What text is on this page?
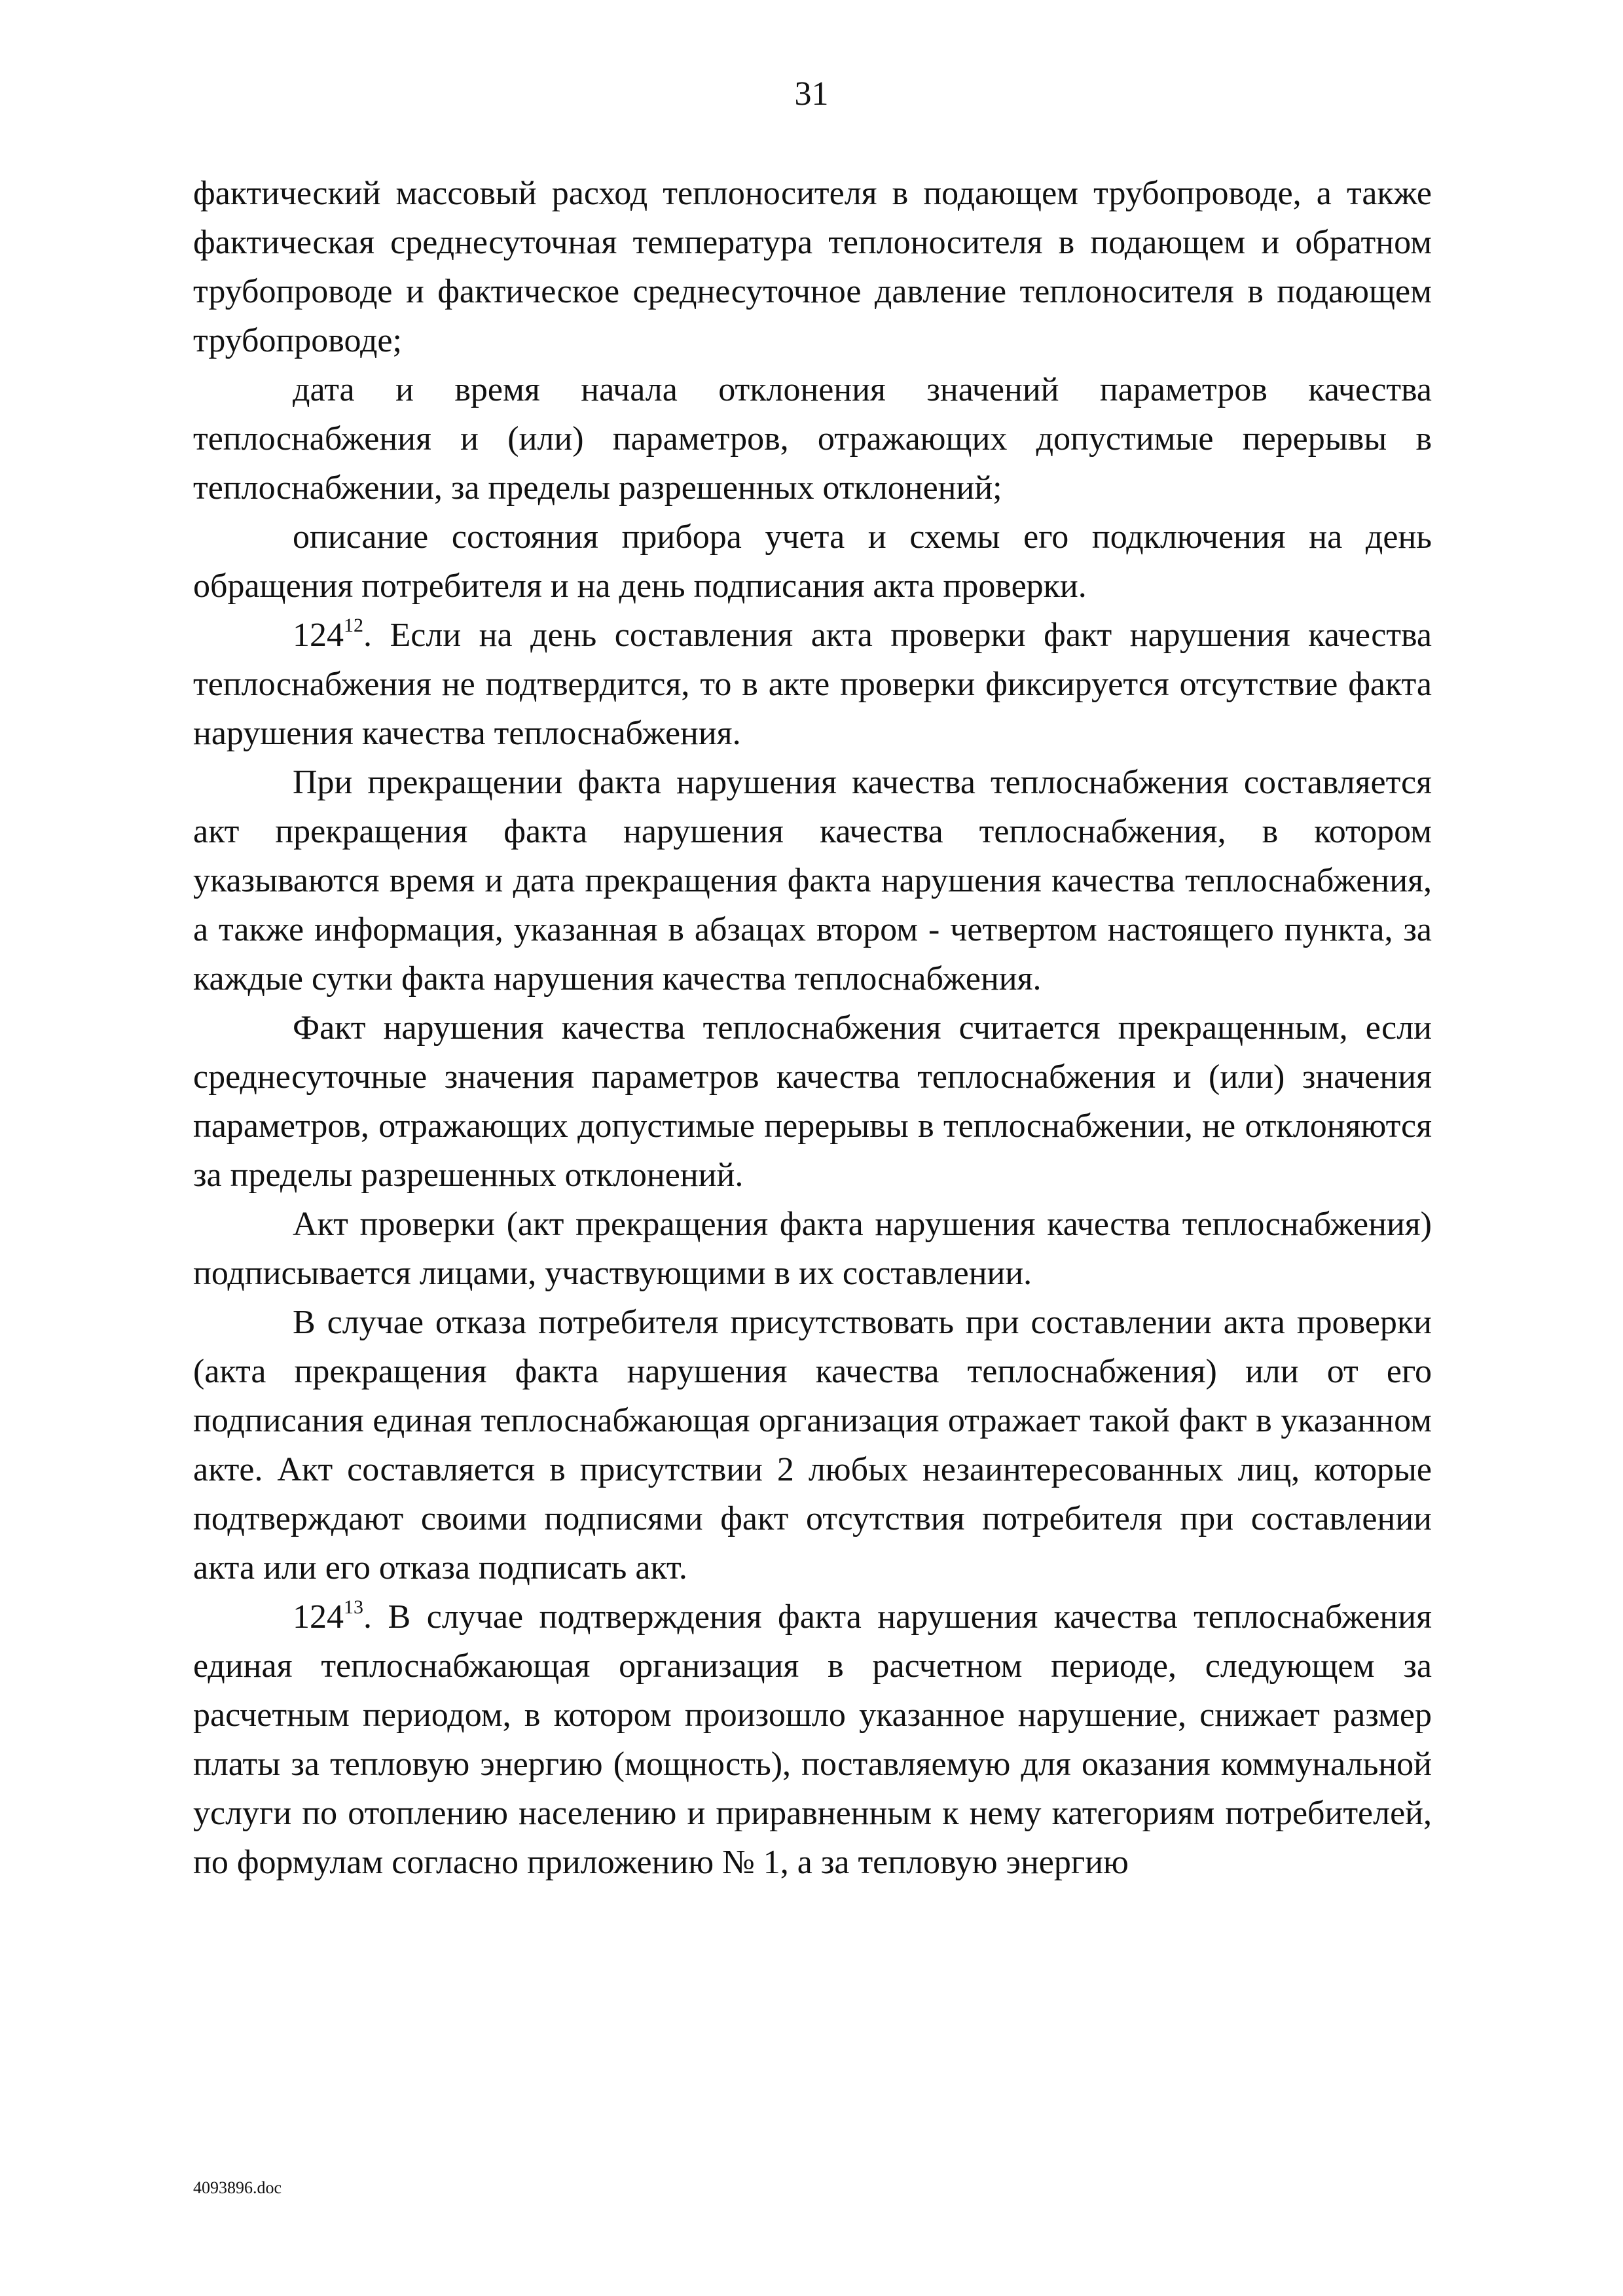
31

фактический массовый расход теплоносителя в подающем трубопроводе, а также фактическая среднесуточная температура теплоносителя в подающем и обратном трубопроводе и фактическое среднесуточное давление теплоносителя в подающем трубопроводе;

дата и время начала отклонения значений параметров качества теплоснабжения и (или) параметров, отражающих допустимые перерывы в теплоснабжении, за пределы разрешенных отклонений;

описание состояния прибора учета и схемы его подключения на день обращения потребителя и на день подписания акта проверки.

$124^{12}$. Если на день составления акта проверки факт нарушения качества теплоснабжения не подтвердится, то в акте проверки фиксируется отсутствие факта нарушения качества теплоснабжения.

При прекращении факта нарушения качества теплоснабжения составляется акт прекращения факта нарушения качества теплоснабжения, в котором указываются время и дата прекращения факта нарушения качества теплоснабжения, а также информация, указанная в абзацах втором - четвертом настоящего пункта, за каждые сутки факта нарушения качества теплоснабжения.

Факт нарушения качества теплоснабжения считается прекращенным, если среднесуточные значения параметров качества теплоснабжения и (или) значения параметров, отражающих допустимые перерывы в теплоснабжении, не отклоняются за пределы разрешенных отклонений.

Акт проверки (акт прекращения факта нарушения качества теплоснабжения) подписывается лицами, участвующими в их составлении.

В случае отказа потребителя присутствовать при составлении акта проверки (акта прекращения факта нарушения качества теплоснабжения) или от его подписания единая теплоснабжающая организация отражает такой факт в указанном акте. Акт составляется в присутствии 2 любых незаинтересованных лиц, которые подтверждают своими подписями факт отсутствия потребителя при составлении акта или его отказа подписать акт.

$124^{13}$. В случае подтверждения факта нарушения качества теплоснабжения единая теплоснабжающая организация в расчетном периоде, следующем за расчетным периодом, в котором произошло указанное нарушение, снижает размер платы за тепловую энергию (мощность), поставляемую для оказания коммунальной услуги по отоплению населению и приравненным к нему категориям потребителей, по формулам согласно приложению № 1, а за тепловую энергию

4093896.doc
